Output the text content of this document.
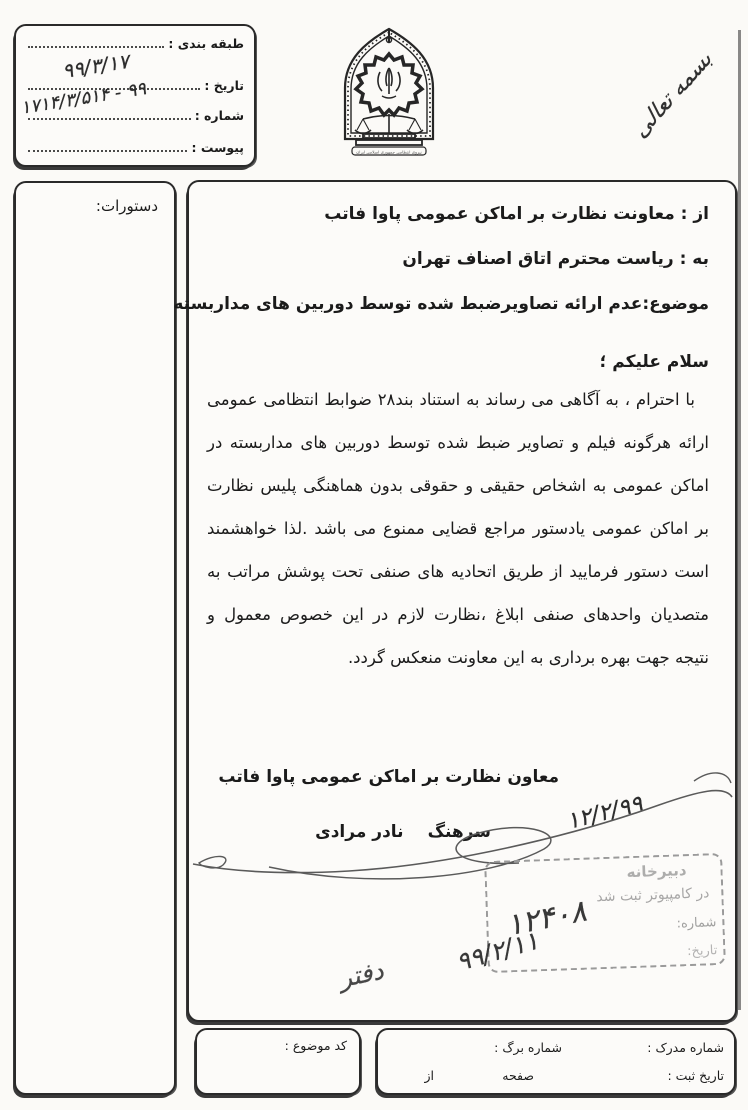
طبقه بندی :
تاریخ :
شماره :
پیوست :
۹۹/۳/۱۷
۱۷۱۴/۳/۵۱۴ - ۹۹
نیروی انتظامی جمهوری اسلامی ایران
بسمه تعالی
دستورات:	از : معاونت نظارت بر اماکن عمومی پاوا فاتب
به : ریاست محترم اتاق اصناف تهران
موضوع:عدم ارائه تصاویرضبط شده توسط دوربین های مداربسته
سلام علیکم ؛

با احترام ، به آگاهی می رساند به استناد بند۲۸ ضوابط انتظامی عمومی ارائه هرگونه فیلم و تصاویر ضبط شده توسط دوربین های مداربسته در اماکن عمومی به اشخاص حقیقی و حقوقی بدون هماهنگی پلیس نظارت بر اماکن عمومی یادستور مراجع قضایی ممنوع می باشد .لذا خواهشمند است دستور فرمایید از طریق اتحادیه های صنفی تحت پوشش مراتب به متصدیان واحدهای صنفی ابلاغ ،نظارت لازم در این خصوص معمول و نتیجه جهت بهره برداری به این معاونت منعکس گردد.

معاون نظارت بر اماکن عمومی پاوا فاتب
سرهنگ
نادر مرادی	۱۲/۲/۹۹
دبیرخانه
در کامپیوتر ثبت شد
شماره:
تاریخ:
۱۲۴۰۸
۹۹/۲/۱۱
دفتر
شماره مدرک :
تاریخ ثبت :
شماره برگ :
صفحه
از
کد موضوع :
